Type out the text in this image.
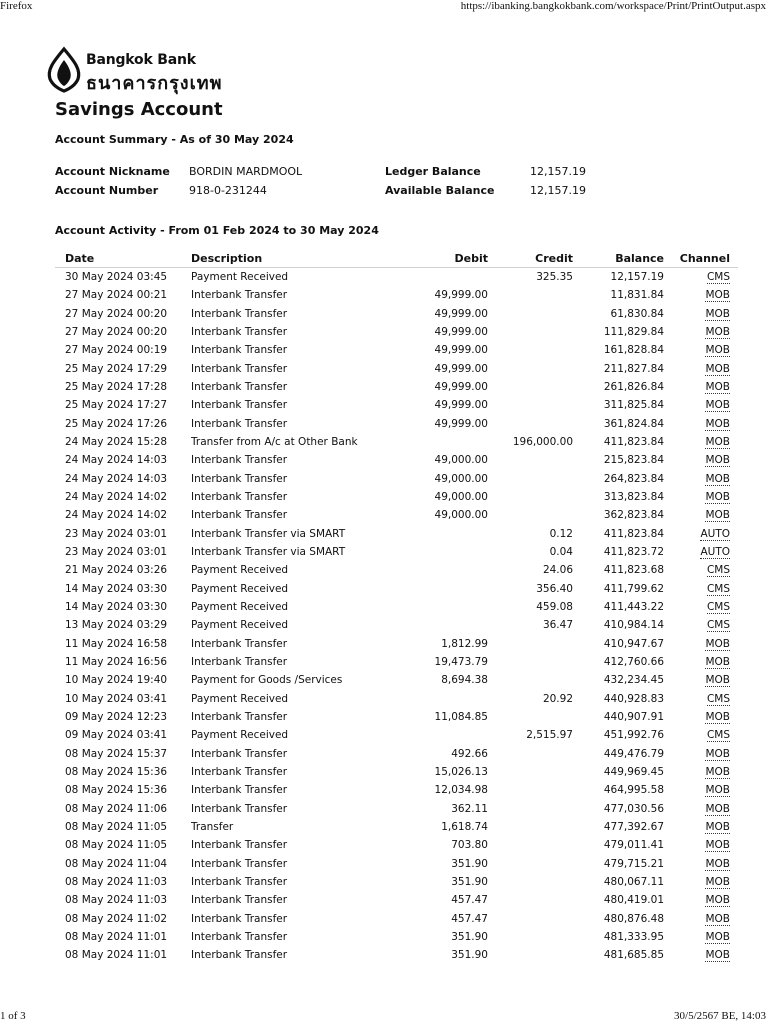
Firefox	https://ibanking.bangkokbank.com/workspace/Print/PrintOutput.aspx
Bangkok Bank
ธนาคารกรุงเทพ
Savings Account
Account Summary - As of 30 May 2024
Account Nickname BORDIN MARDMOOL	Ledger Balance	12,157.19
Account Number	918-0-231244	Available Balance	12,157.19
Account Activity - From 01 Feb 2024 to 30 May 2024
Date	Description	Debit	Credit	Balance	Channel
30 May 2024 03:45	Payment Received		325.35	12,157.19	CMS
27 May 2024 00:21	Interbank Transfer	49,999.00		11,831.84	MOB
27 May 2024 00:20	Interbank Transfer	49,999.00		61,830.84	MOB
27 May 2024 00:20	Interbank Transfer	49,999.00		111,829.84	MOB
27 May 2024 00:19	Interbank Transfer	49,999.00		161,828.84	MOB
25 May 2024 17:29	Interbank Transfer	49,999.00		211,827.84	MOB
25 May 2024 17:28	Interbank Transfer	49,999.00		261,826.84	MOB
25 May 2024 17:27	Interbank Transfer	49,999.00		311,825.84	MOB
25 May 2024 17:26	Interbank Transfer	49,999.00		361,824.84	MOB
24 May 2024 15:28	Transfer from A/c at Other Bank		196,000.00	411,823.84	MOB
24 May 2024 14:03	Interbank Transfer	49,000.00		215,823.84	MOB
24 May 2024 14:03	Interbank Transfer	49,000.00		264,823.84	MOB
24 May 2024 14:02	Interbank Transfer	49,000.00		313,823.84	MOB
24 May 2024 14:02	Interbank Transfer	49,000.00		362,823.84	MOB
23 May 2024 03:01	Interbank Transfer via SMART		0.12	411,823.84	AUTO
23 May 2024 03:01	Interbank Transfer via SMART		0.04	411,823.72	AUTO
21 May 2024 03:26	Payment Received		24.06	411,823.68	CMS
14 May 2024 03:30	Payment Received		356.40	411,799.62	CMS
14 May 2024 03:30	Payment Received		459.08	411,443.22	CMS
13 May 2024 03:29	Payment Received		36.47	410,984.14	CMS
11 May 2024 16:58	Interbank Transfer	1,812.99		410,947.67	MOB
11 May 2024 16:56	Interbank Transfer	19,473.79		412,760.66	MOB
10 May 2024 19:40	Payment for Goods /Services	8,694.38		432,234.45	MOB
10 May 2024 03:41	Payment Received		20.92	440,928.83	CMS
09 May 2024 12:23	Interbank Transfer	11,084.85		440,907.91	MOB
09 May 2024 03:41	Payment Received		2,515.97	451,992.76	CMS
08 May 2024 15:37	Interbank Transfer	492.66		449,476.79	MOB
08 May 2024 15:36	Interbank Transfer	15,026.13		449,969.45	MOB
08 May 2024 15:36	Interbank Transfer	12,034.98		464,995.58	MOB
08 May 2024 11:06	Interbank Transfer	362.11		477,030.56	MOB
08 May 2024 11:05	Transfer	1,618.74		477,392.67	MOB
08 May 2024 11:05	Interbank Transfer	703.80		479,011.41	MOB
08 May 2024 11:04	Interbank Transfer	351.90		479,715.21	MOB
08 May 2024 11:03	Interbank Transfer	351.90		480,067.11	MOB
08 May 2024 11:03	Interbank Transfer	457.47		480,419.01	MOB
08 May 2024 11:02	Interbank Transfer	457.47		480,876.48	MOB
08 May 2024 11:01	Interbank Transfer	351.90		481,333.95	MOB
08 May 2024 11:01	Interbank Transfer	351.90		481,685.85	MOB
1 of 3	30/5/2567 BE, 14:03
